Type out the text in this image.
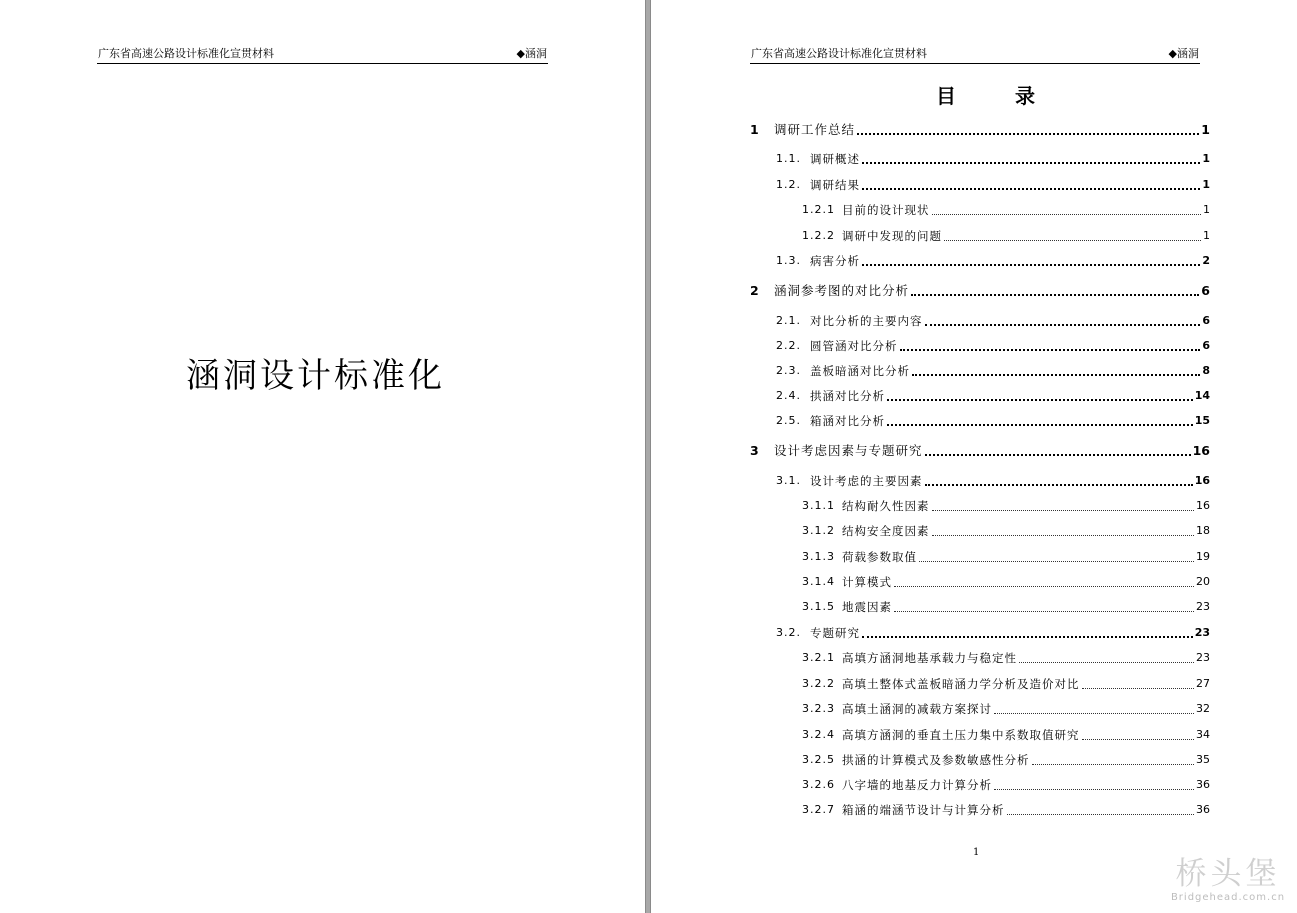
广东省高速公路设计标准化宣贯材料	◆涵洞
涵洞设计标准化
广东省高速公路设计标准化宣贯材料	◆涵洞
目 录
1 调研工作总结	1
1.1. 调研概述	1
1.2. 调研结果	1
1.2.1 目前的设计现状	1
1.2.2 调研中发现的问题	1
1.3. 病害分析	2
2 涵洞参考图的对比分析	6
2.1. 对比分析的主要内容	6
2.2. 圆管涵对比分析	6
2.3. 盖板暗涵对比分析	8
2.4. 拱涵对比分析	14
2.5. 箱涵对比分析	15
3 设计考虑因素与专题研究	16
3.1. 设计考虑的主要因素	16
3.1.1 结构耐久性因素	16
3.1.2 结构安全度因素	18
3.1.3 荷载参数取值	19
3.1.4 计算模式	20
3.1.5 地震因素	23
3.2. 专题研究	23
3.2.1 高填方涵洞地基承载力与稳定性	23
3.2.2 高填土整体式盖板暗涵力学分析及造价对比	27
3.2.3 高填土涵洞的减载方案探讨	32
3.2.4 高填方涵洞的垂直土压力集中系数取值研究	34
3.2.5 拱涵的计算模式及参数敏感性分析	35
3.2.6 八字墙的地基反力计算分析	36
3.2.7 箱涵的端涵节设计与计算分析	36
1
桥头堡
Bridgehead.com.cn
